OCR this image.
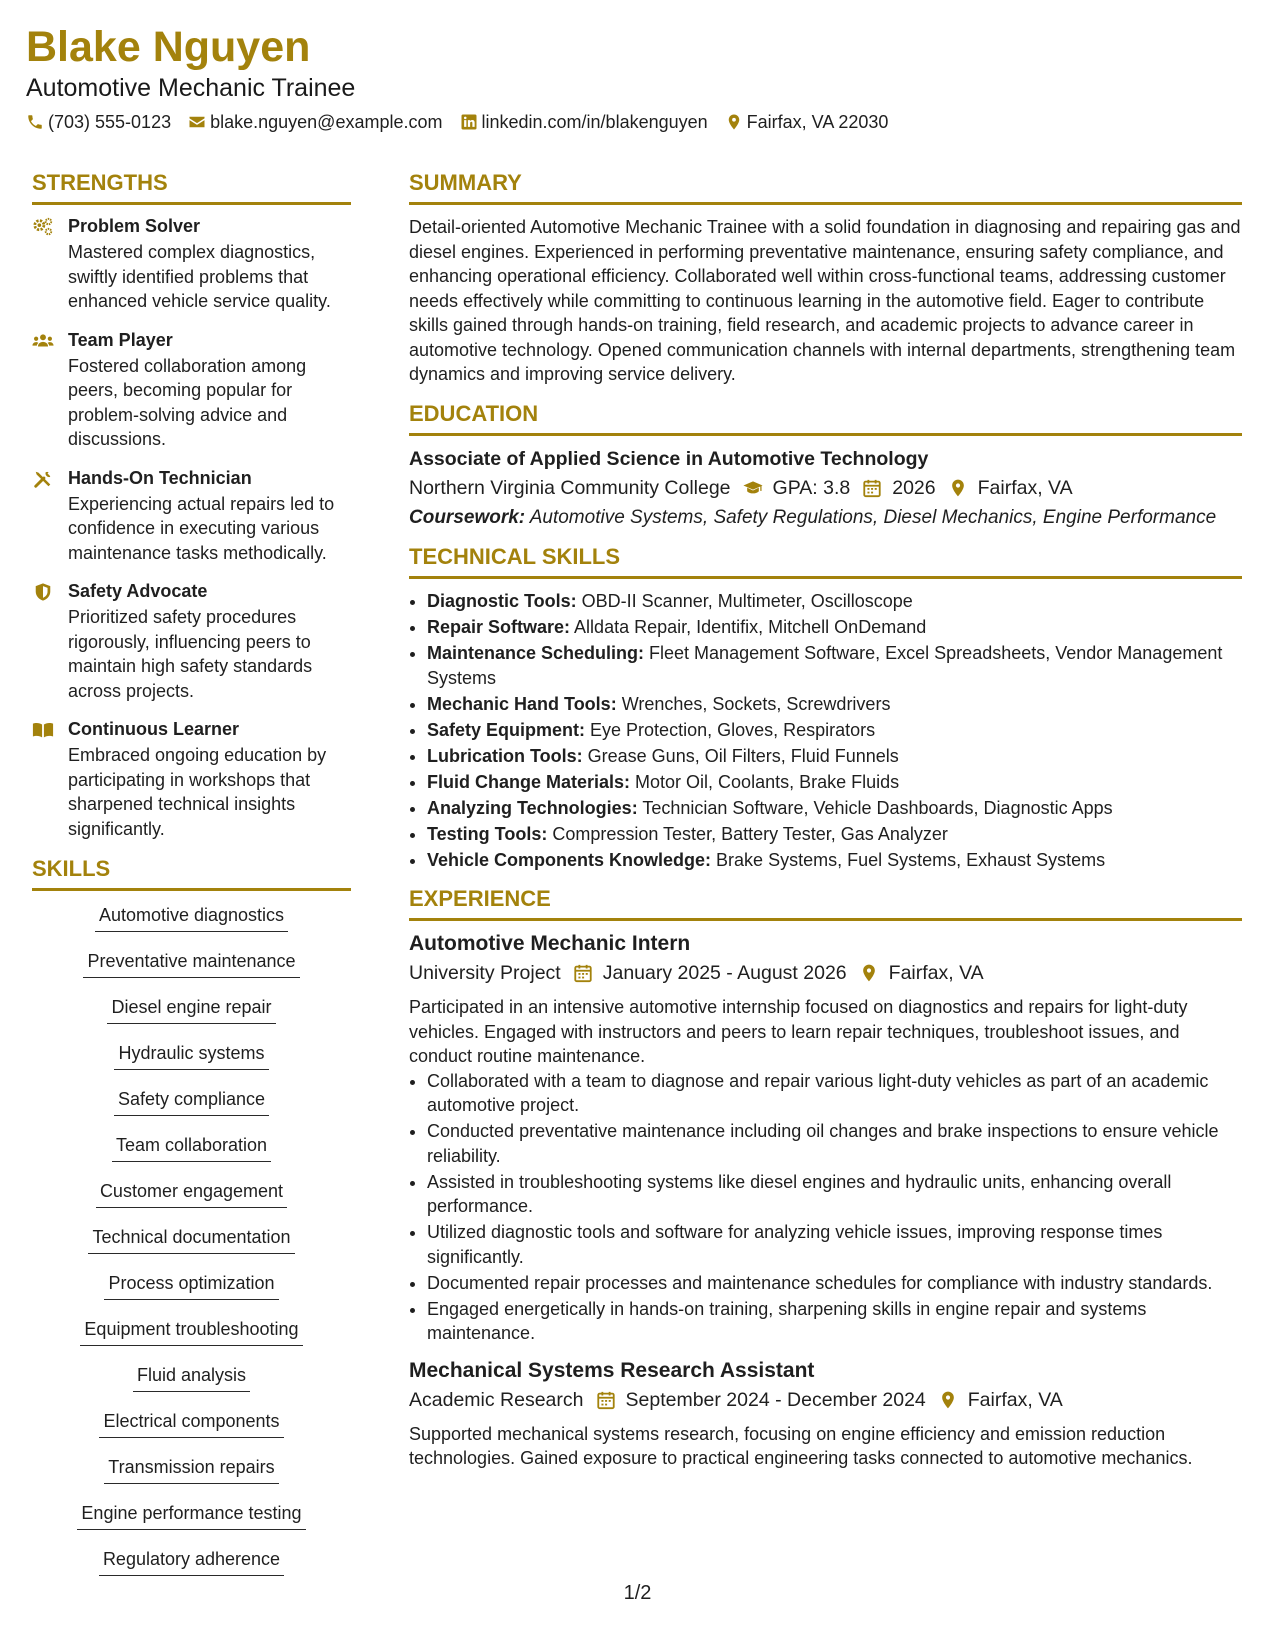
Blake Nguyen
Automotive Mechanic Trainee
(703) 555-0123 blake.nguyen@example.com linkedin.com/in/blakenguyen Fairfax, VA 22030
STRENGTHS
Problem Solver
Mastered complex diagnostics, swiftly identified problems that enhanced vehicle service quality.
Team Player
Fostered collaboration among peers, becoming popular for problem-solving advice and discussions.
Hands-On Technician
Experiencing actual repairs led to confidence in executing various maintenance tasks methodically.
Safety Advocate
Prioritized safety procedures rigorously, influencing peers to maintain high safety standards across projects.
Continuous Learner
Embraced ongoing education by participating in workshops that sharpened technical insights significantly.
SKILLS
Automotive diagnostics
Preventative maintenance
Diesel engine repair
Hydraulic systems
Safety compliance
Team collaboration
Customer engagement
Technical documentation
Process optimization
Equipment troubleshooting
Fluid analysis
Electrical components
Transmission repairs
Engine performance testing
Regulatory adherence
SUMMARY

Detail-oriented Automotive Mechanic Trainee with a solid foundation in diagnosing and repairing gas and diesel engines. Experienced in performing preventative maintenance, ensuring safety compliance, and enhancing operational efficiency. Collaborated well within cross-functional teams, addressing customer needs effectively while committing to continuous learning in the automotive field. Eager to contribute skills gained through hands-on training, field research, and academic projects to advance career in automotive technology. Opened communication channels with internal departments, strengthening team dynamics and improving service delivery.

EDUCATION
Associate of Applied Science in Automotive Technology
Northern Virginia Community College GPA: 3.8 2026 Fairfax, VA
Coursework: Automotive Systems, Safety Regulations, Diesel Mechanics, Engine Performance
TECHNICAL SKILLS
• Diagnostic Tools: OBD-II Scanner, Multimeter, Oscilloscope
• Repair Software: Alldata Repair, Identifix, Mitchell OnDemand
• Maintenance Scheduling: Fleet Management Software, Excel Spreadsheets, Vendor Management Systems
• Mechanic Hand Tools: Wrenches, Sockets, Screwdrivers
• Safety Equipment: Eye Protection, Gloves, Respirators
• Lubrication Tools: Grease Guns, Oil Filters, Fluid Funnels
• Fluid Change Materials: Motor Oil, Coolants, Brake Fluids
• Analyzing Technologies: Technician Software, Vehicle Dashboards, Diagnostic Apps
• Testing Tools: Compression Tester, Battery Tester, Gas Analyzer
• Vehicle Components Knowledge: Brake Systems, Fuel Systems, Exhaust Systems
EXPERIENCE
Automotive Mechanic Intern
University Project January 2025 - August 2026 Fairfax, VA
Participated in an intensive automotive internship focused on diagnostics and repairs for light-duty vehicles. Engaged with instructors and peers to learn repair techniques, troubleshoot issues, and conduct routine maintenance.
• Collaborated with a team to diagnose and repair various light-duty vehicles as part of an academic automotive project.
• Conducted preventative maintenance including oil changes and brake inspections to ensure vehicle reliability.
• Assisted in troubleshooting systems like diesel engines and hydraulic units, enhancing overall performance.
• Utilized diagnostic tools and software for analyzing vehicle issues, improving response times significantly.
• Documented repair processes and maintenance schedules for compliance with industry standards.
• Engaged energetically in hands-on training, sharpening skills in engine repair and systems maintenance.
Mechanical Systems Research Assistant
Academic Research September 2024 - December 2024 Fairfax, VA
Supported mechanical systems research, focusing on engine efficiency and emission reduction technologies. Gained exposure to practical engineering tasks connected to automotive mechanics.
1/2
